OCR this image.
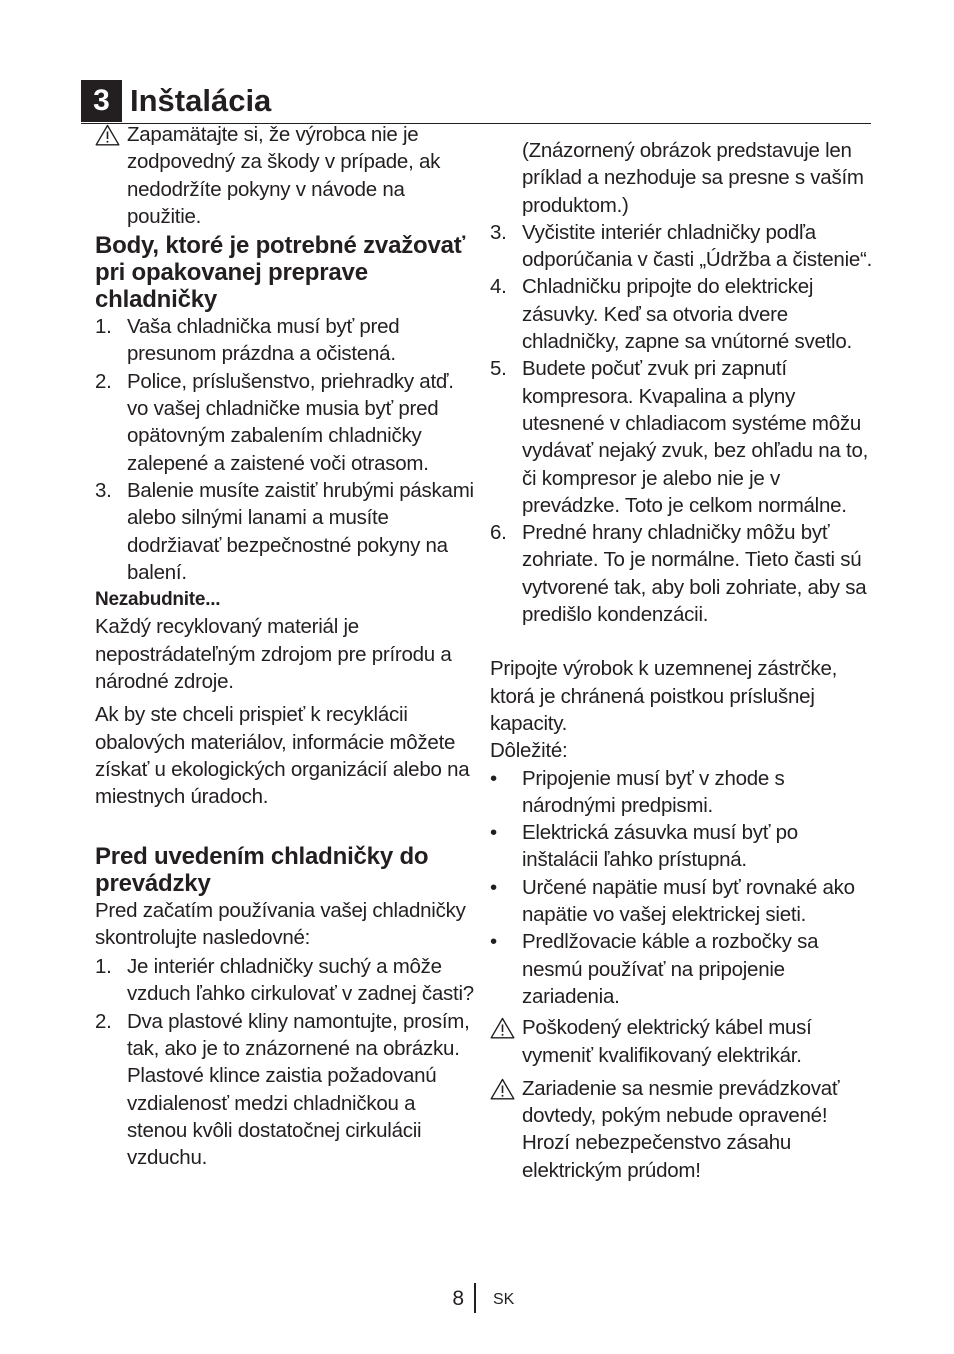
3 Inštalácia

Zapamätajte si, že výrobca nie je zodpovedný za škody v prípade, ak nedodržíte pokyny v návode na použitie.

Body, ktoré je potrebné zvažovať pri opakovanej preprave chladničky
1. Vaša chladnička musí byť pred presunom prázdna a očistená.
2. Police, príslušenstvo, priehradky atď. vo vašej chladničke musia byť pred opätovným zabalením chladničky zalepené a zaistené voči otrasom.
3. Balenie musíte zaistiť hrubými páskami alebo silnými lanami a musíte dodržiavať bezpečnostné pokyny na balení.
Nezabudnite...

Každý recyklovaný materiál je nepostrádateľným zdrojom pre prírodu a národné zdroje.

Ak by ste chceli prispieť k recyklácii obalových materiálov, informácie môžete získať u ekologických organizácií alebo na miestnych úradoch.

Pred uvedením chladničky do prevádzky

Pred začatím používania vašej chladničky skontrolujte nasledovné:

1. Je interiér chladničky suchý a môže vzduch ľahko cirkulovať v zadnej časti?
2. Dva plastové kliny namontujte, prosím, tak, ako je to znázornené na obrázku. Plastové klince zaistia požadovanú vzdialenosť medzi chladničkou a stenou kvôli dostatočnej cirkulácii vzduchu.

(Znázornený obrázok predstavuje len príklad a nezhoduje sa presne s vaším produktom.)

3. Vyčistite interiér chladničky podľa odporúčania v časti „Údržba a čistenie“.
4. Chladničku pripojte do elektrickej zásuvky. Keď sa otvoria dvere chladničky, zapne sa vnútorné svetlo.
5. Budete počuť zvuk pri zapnutí kompresora. Kvapalina a plyny utesnené v chladiacom systéme môžu vydávať nejaký zvuk, bez ohľadu na to, či kompresor je alebo nie je v prevádzke. Toto je celkom normálne.
6. Predné hrany chladničky môžu byť zohriate. To je normálne. Tieto časti sú vytvorené tak, aby boli zohriate, aby sa predišlo kondenzácii.

Pripojte výrobok k uzemnenej zástrčke, ktorá je chránená poistkou príslušnej kapacity.

Dôležité:
• Pripojenie musí byť v zhode s národnými predpismi.
• Elektrická zásuvka musí byť po inštalácii ľahko prístupná.
• Určené napätie musí byť rovnaké ako napätie vo vašej elektrickej sieti.
• Predlžovacie káble a rozbočky sa nesmú používať na pripojenie zariadenia.

Poškodený elektrický kábel musí vymeniť kvalifikovaný elektrikár.

Zariadenie sa nesmie prevádzkovať dovtedy, pokým nebude opravené! Hrozí nebezpečenstvo zásahu elektrickým prúdom!

8 SK
